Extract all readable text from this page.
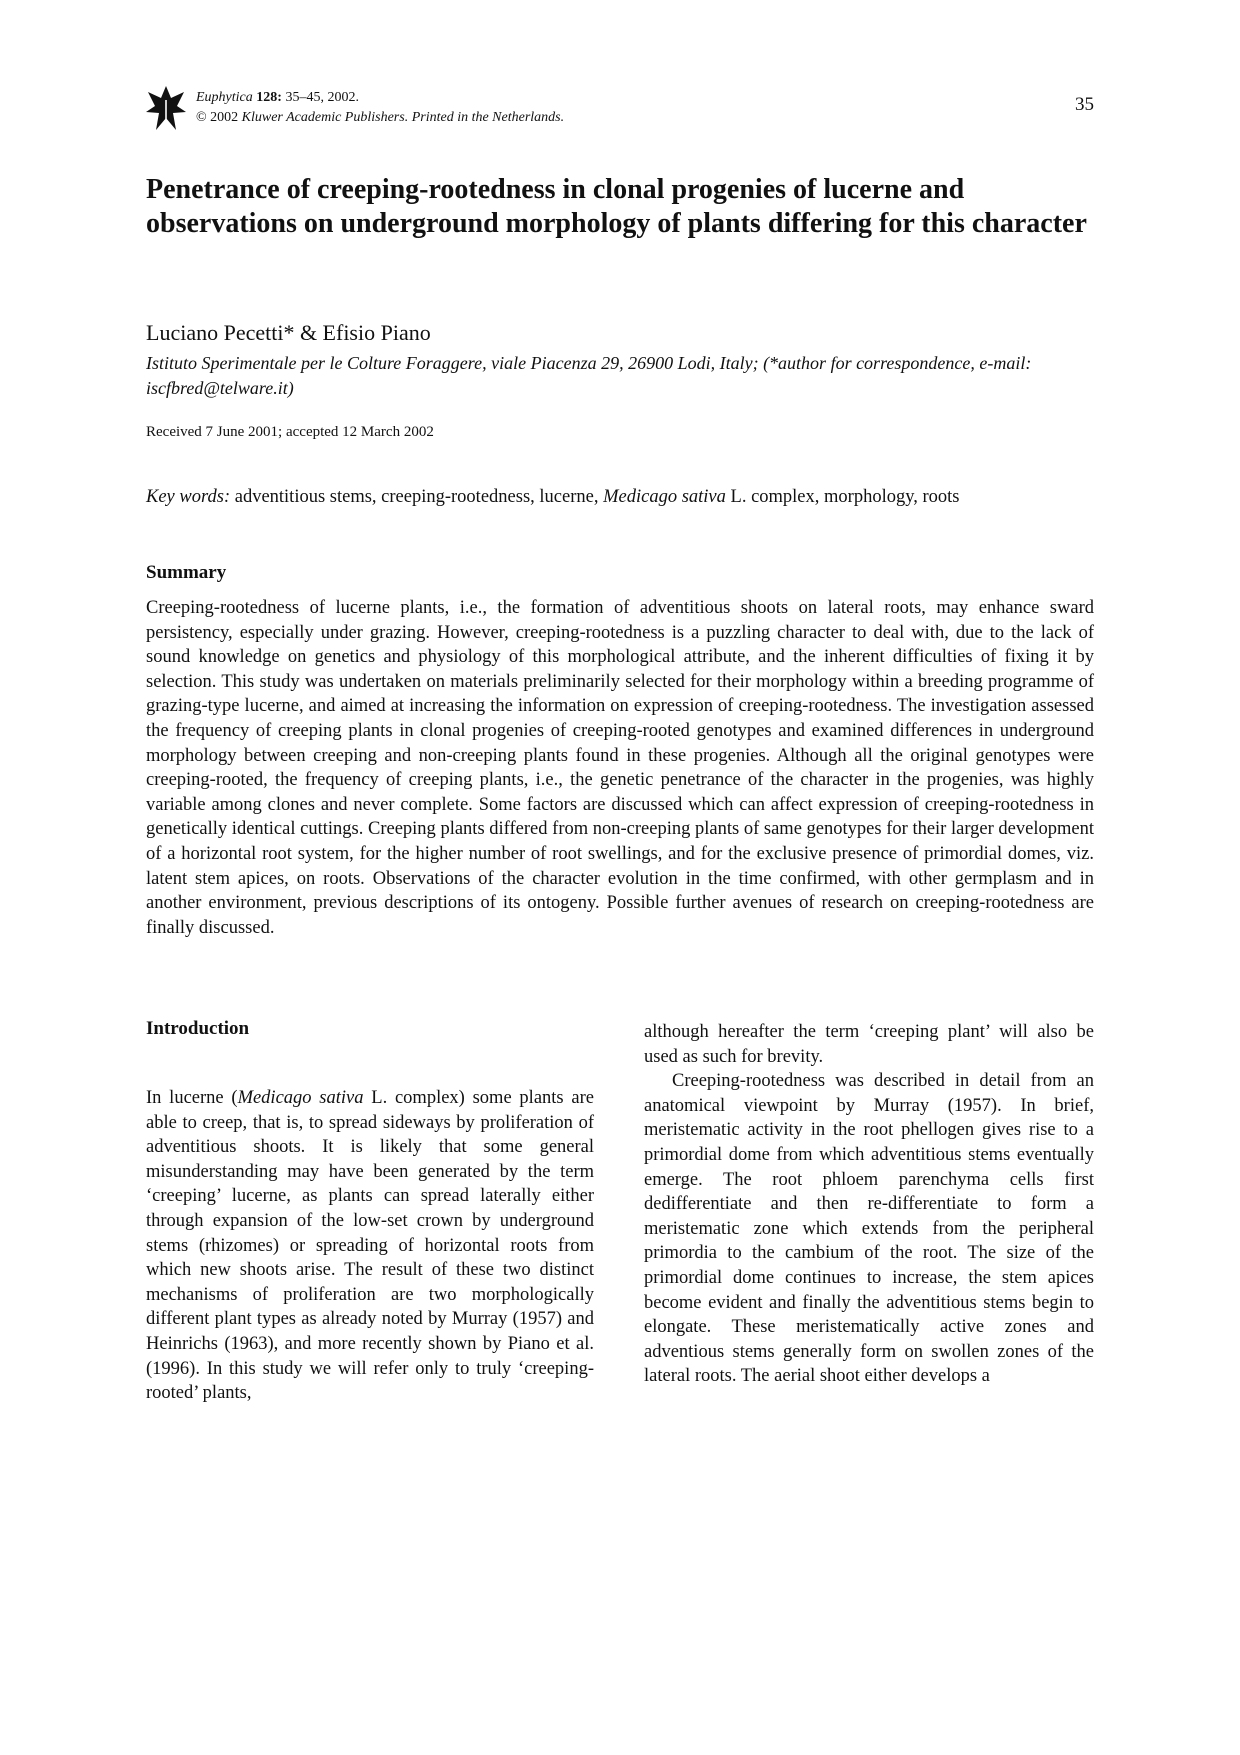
Euphytica 128: 35–45, 2002.
© 2002 Kluwer Academic Publishers. Printed in the Netherlands.
35
Penetrance of creeping-rootedness in clonal progenies of lucerne and observations on underground morphology of plants differing for this character
Luciano Pecetti* & Efisio Piano
Istituto Sperimentale per le Colture Foraggere, viale Piacenza 29, 26900 Lodi, Italy; (*author for correspondence, e-mail: iscfbred@telware.it)
Received 7 June 2001; accepted 12 March 2002
Key words: adventitious stems, creeping-rootedness, lucerne, Medicago sativa L. complex, morphology, roots
Summary

Creeping-rootedness of lucerne plants, i.e., the formation of adventitious shoots on lateral roots, may enhance sward persistency, especially under grazing. However, creeping-rootedness is a puzzling character to deal with, due to the lack of sound knowledge on genetics and physiology of this morphological attribute, and the inherent difficulties of fixing it by selection. This study was undertaken on materials preliminarily selected for their morphology within a breeding programme of grazing-type lucerne, and aimed at increasing the information on expression of creeping-rootedness. The investigation assessed the frequency of creeping plants in clonal progenies of creeping-rooted genotypes and examined differences in underground morphology between creeping and non-creeping plants found in these progenies. Although all the original genotypes were creeping-rooted, the frequency of creeping plants, i.e., the genetic penetrance of the character in the progenies, was highly variable among clones and never complete. Some factors are discussed which can affect expression of creeping-rootedness in genetically identical cuttings. Creeping plants differed from non-creeping plants of same genotypes for their larger development of a horizontal root system, for the higher number of root swellings, and for the exclusive presence of primordial domes, viz. latent stem apices, on roots. Observations of the character evolution in the time confirmed, with other germplasm and in another environment, previous descriptions of its ontogeny. Possible further avenues of research on creeping-rootedness are finally discussed.

Introduction

In lucerne (Medicago sativa L. complex) some plants are able to creep, that is, to spread sideways by proliferation of adventitious shoots. It is likely that some general misunderstanding may have been generated by the term ‘creeping’ lucerne, as plants can spread laterally either through expansion of the low-set crown by underground stems (rhizomes) or spreading of horizontal roots from which new shoots arise. The result of these two distinct mechanisms of proliferation are two morphologically different plant types as already noted by Murray (1957) and Heinrichs (1963), and more recently shown by Piano et al. (1996). In this study we will refer only to truly ‘creeping-rooted’ plants,

although hereafter the term ‘creeping plant’ will also be used as such for brevity.

Creeping-rootedness was described in detail from an anatomical viewpoint by Murray (1957). In brief, meristematic activity in the root phellogen gives rise to a primordial dome from which adventitious stems eventually emerge. The root phloem parenchyma cells first dedifferentiate and then re-differentiate to form a meristematic zone which extends from the peripheral primordia to the cambium of the root. The size of the primordial dome continues to increase, the stem apices become evident and finally the adventitious stems begin to elongate. These meristematically active zones and adventious stems generally form on swollen zones of the lateral roots. The aerial shoot either develops a
